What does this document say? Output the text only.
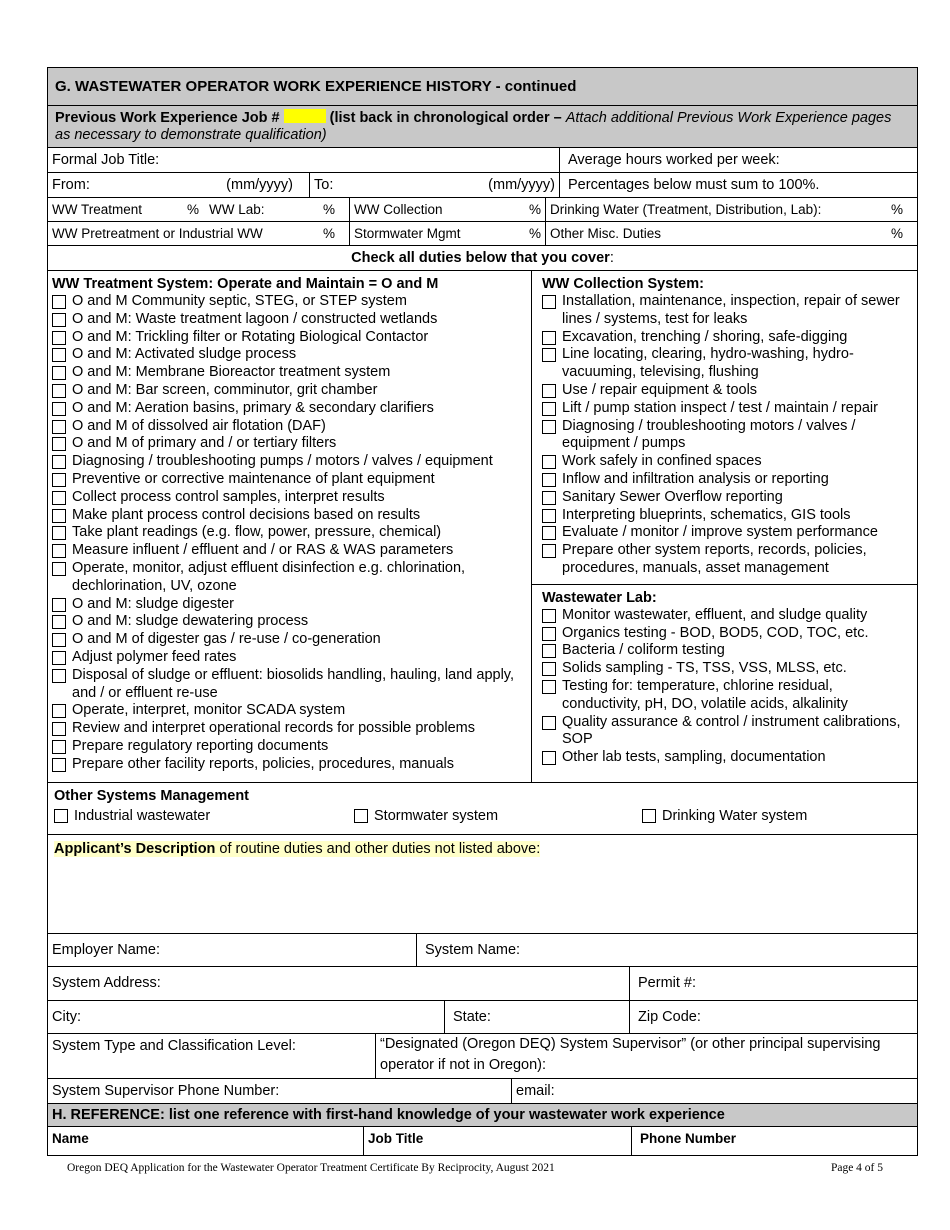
G. WASTEWATER OPERATOR WORK EXPERIENCE HISTORY - continued
Previous Work Experience Job #	(list back in chronological order – Attach additional Previous Work Experience pages as necessary to demonstrate qualification)
Formal Job Title:	Average hours worked per week:
From:	(mm/yyyy) To:	(mm/yyyy) Percentages below must sum to 100%.
WW Treatment	% WW Lab:	% WW Collection	% Drinking Water (Treatment, Distribution, Lab):	%
WW Pretreatment or Industrial WW	% Stormwater Mgmt	% Other Misc. Duties	%
Check all duties below that you cover :
WW Treatment System: Operate and Maintain = O and M
O and M Community septic, STEG, or STEP system
O and M: Waste treatment lagoon / constructed wetlands
O and M: Trickling filter or Rotating Biological Contactor
O and M: Activated sludge process
O and M: Membrane Bioreactor treatment system
O and M: Bar screen, comminutor, grit chamber
O and M: Aeration basins, primary & secondary clarifiers
O and M of dissolved air flotation (DAF)
O and M of primary and / or tertiary filters
Diagnosing / troubleshooting pumps / motors / valves / equipment
Preventive or corrective maintenance of plant equipment
Collect process control samples, interpret results
Make plant process control decisions based on results
Take plant readings (e.g. flow, power, pressure, chemical)
Measure influent / effluent and / or RAS & WAS parameters
Operate, monitor, adjust effluent disinfection e.g. chlorination, dechlorination, UV, ozone
O and M: sludge digester
O and M: sludge dewatering process
O and M of digester gas / re-use / co-generation
Adjust polymer feed rates
Disposal of sludge or effluent: biosolids handling, hauling, land apply, and / or effluent re-use
Operate, interpret, monitor SCADA system
Review and interpret operational records for possible problems
Prepare regulatory reporting documents
Prepare other facility reports, policies, procedures, manuals
WW Collection System:
Installation, maintenance, inspection, repair of sewer lines / systems, test for leaks
Excavation, trenching / shoring, safe-digging
Line locating, clearing, hydro-washing, hydro-vacuuming, televising, flushing
Use / repair equipment & tools
Lift / pump station inspect / test / maintain / repair
Diagnosing / troubleshooting motors / valves / equipment / pumps
Work safely in confined spaces
Inflow and infiltration analysis or reporting
Sanitary Sewer Overflow reporting
Interpreting blueprints, schematics, GIS tools
Evaluate / monitor / improve system performance
Prepare other system reports, records, policies, procedures, manuals, asset management
Wastewater Lab:
Monitor wastewater, effluent, and sludge quality
Organics testing - BOD, BOD5, COD, TOC, etc.
Bacteria / coliform testing
Solids sampling - TS, TSS, VSS, MLSS, etc.
Testing for: temperature, chlorine residual, conductivity, pH, DO, volatile acids, alkalinity
Quality assurance & control / instrument calibrations, SOP
Other lab tests, sampling, documentation
Other Systems Management
Industrial wastewater	Stormwater system	Drinking Water system
Applicant’s Description of routine duties and other duties not listed above:
Employer Name:	System Name:
System Address:	Permit #:
City:	State:	Zip Code:
System Type and Classification Level:	“Designated (Oregon DEQ) System Supervisor” (or other principal supervising operator if not in Oregon):
System Supervisor Phone Number:	email:
H. REFERENCE: list one reference with first-hand knowledge of your wastewater work experience
Name	Job Title	Phone Number
Oregon DEQ Application for the Wastewater Operator Treatment Certificate By Reciprocity, August 2021	Page 4 of 5
